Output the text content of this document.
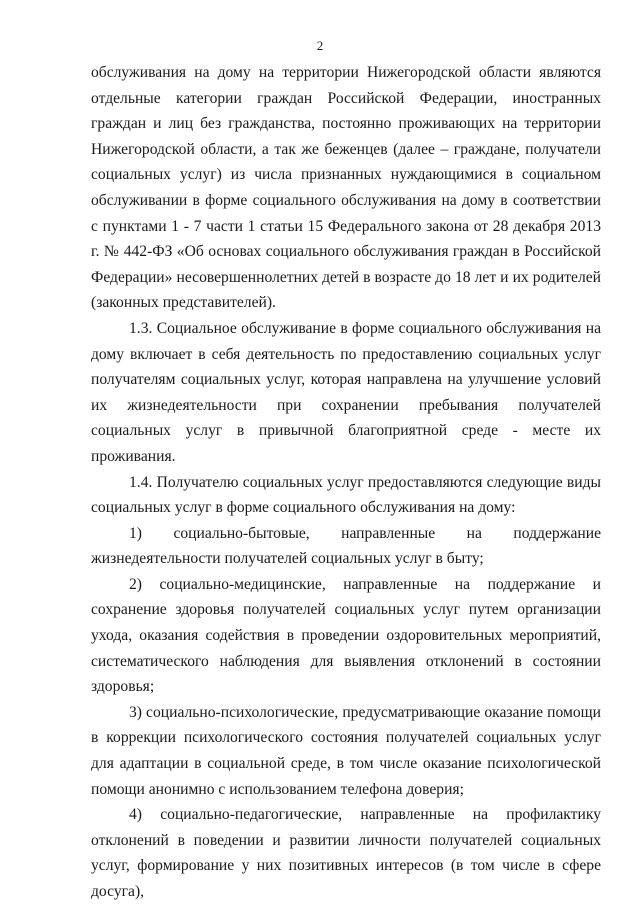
2

обслуживания на дому на территории Нижегородской области являются отдельные категории граждан Российской Федерации, иностранных граждан и лиц без гражданства, постоянно проживающих на территории Нижегородской области, а так же беженцев (далее – граждане, получатели социальных услуг) из числа признанных нуждающимися в социальном обслуживании в форме социального обслуживания на дому в соответствии с пунктами 1 - 7 части 1 статьи 15 Федерального закона от 28 декабря 2013 г. № 442-ФЗ «Об основах социального обслуживания граждан в Российской Федерации» несовершеннолетних детей в возрасте до 18 лет и их родителей (законных представителей).

1.3. Социальное обслуживание в форме социального обслуживания на дому включает в себя деятельность по предоставлению социальных услуг получателям социальных услуг, которая направлена на улучшение условий их жизнедеятельности при сохранении пребывания получателей социальных услуг в привычной благоприятной среде - месте их проживания.

1.4. Получателю социальных услуг предоставляются следующие виды социальных услуг в форме социального обслуживания на дому:

1) социально-бытовые, направленные на поддержание жизнедеятельности получателей социальных услуг в быту;

2) социально-медицинские, направленные на поддержание и сохранение здоровья получателей социальных услуг путем организации ухода, оказания содействия в проведении оздоровительных мероприятий, систематического наблюдения для выявления отклонений в состоянии здоровья;

3) социально-психологические, предусматривающие оказание помощи в коррекции психологического состояния получателей социальных услуг для адаптации в социальной среде, в том числе оказание психологической помощи анонимно с использованием телефона доверия;

4) социально-педагогические, направленные на профилактику отклонений в поведении и развитии личности получателей социальных услуг, формирование у них позитивных интересов (в том числе в сфере досуга),
